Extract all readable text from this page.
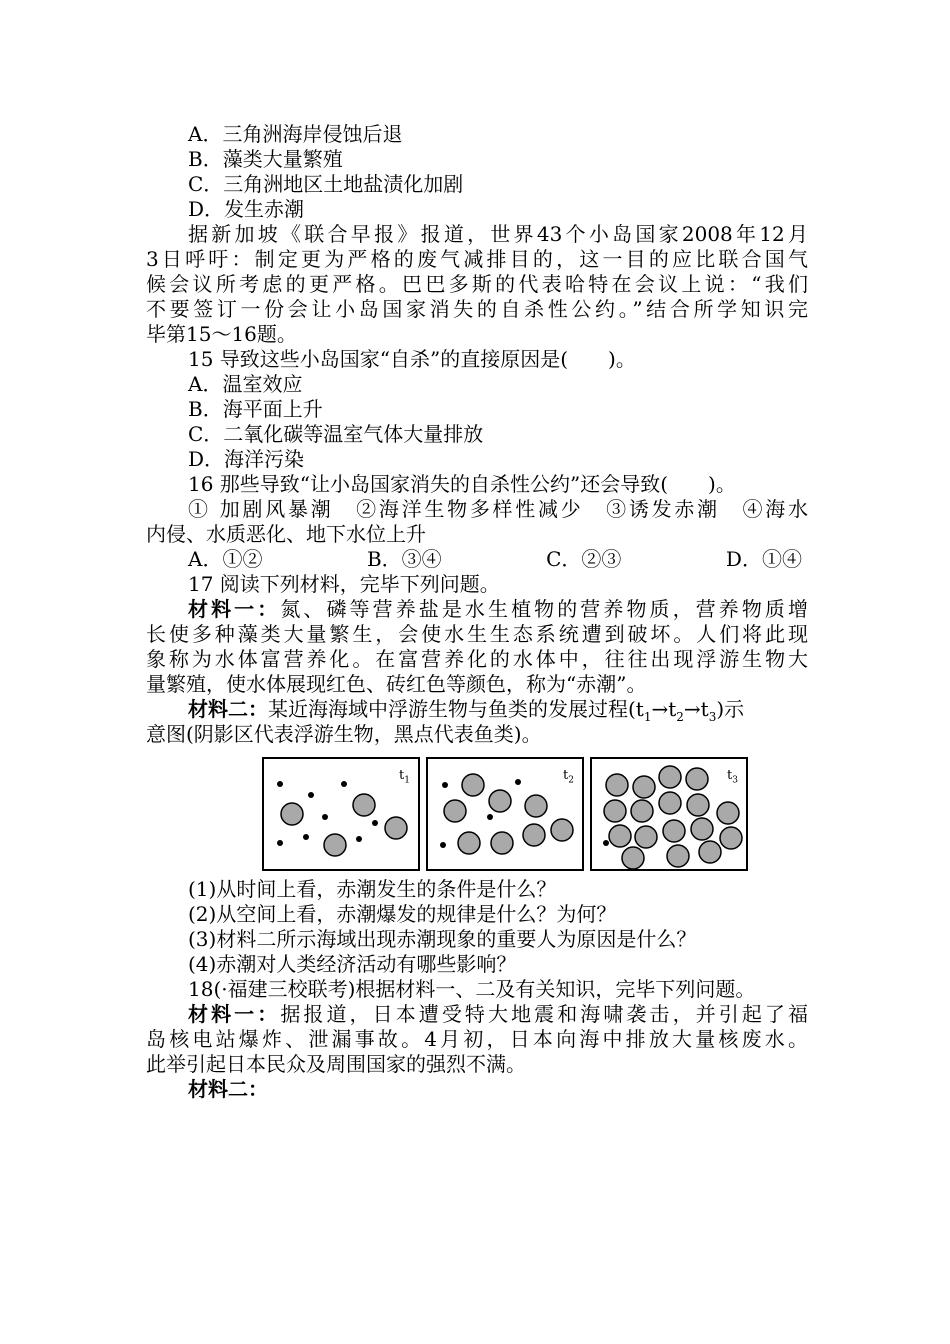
A．三角洲海岸侵蚀后退
B．藻类大量繁殖
C．三角洲地区土地盐渍化加剧
D．发生赤潮
据新加坡《联合早报》报道，世界43个小岛国家2008年12月
3日呼吁：制定更为严格的废气减排目的，这一目的应比联合国气
候会议所考虑的更严格。巴巴多斯的代表哈特在会议上说：“我们
不要签订一份会让小岛国家消失的自杀性公约。”结合所学知识完
毕第15～16题。
15 导致这些小岛国家“自杀”的直接原因是(　　)。
A．温室效应
B．海平面上升
C．二氧化碳等温室气体大量排放
D．海洋污染
16 那些导致“让小岛国家消失的自杀性公约”还会导致(　　)。
① 加剧风暴潮　②海洋生物多样性减少　③诱发赤潮　④海水
内侵、水质恶化、地下水位上升
A．①②	B．③④	C．②③	D．①④
17 阅读下列材料，完毕下列问题。
材料一：氮、磷等营养盐是水生植物的营养物质，营养物质增
长使多种藻类大量繁生，会使水生生态系统遭到破坏。人们将此现
象称为水体富营养化。在富营养化的水体中，往往出现浮游生物大
量繁殖，使水体展现红色、砖红色等颜色，称为“赤潮”。
材料二：某近海海域中浮游生物与鱼类的发展过程$(t_1\to t_2\to t_3)$示
意图(阴影区代表浮游生物，黑点代表鱼类)。
$t_1$	$t_2$	$t_3$
(1)从时间上看，赤潮发生的条件是什么？
(2)从空间上看，赤潮爆发的规律是什么？为何？
(3)材料二所示海域出现赤潮现象的重要人为原因是什么？
(4)赤潮对人类经济活动有哪些影响？
18(·福建三校联考)根据材料一、二及有关知识，完毕下列问题。
材料一：据报道，日本遭受特大地震和海啸袭击，并引起了福
岛核电站爆炸、泄漏事故。4月初，日本向海中排放大量核废水。
此举引起日本民众及周围国家的强烈不满。
材料二：
